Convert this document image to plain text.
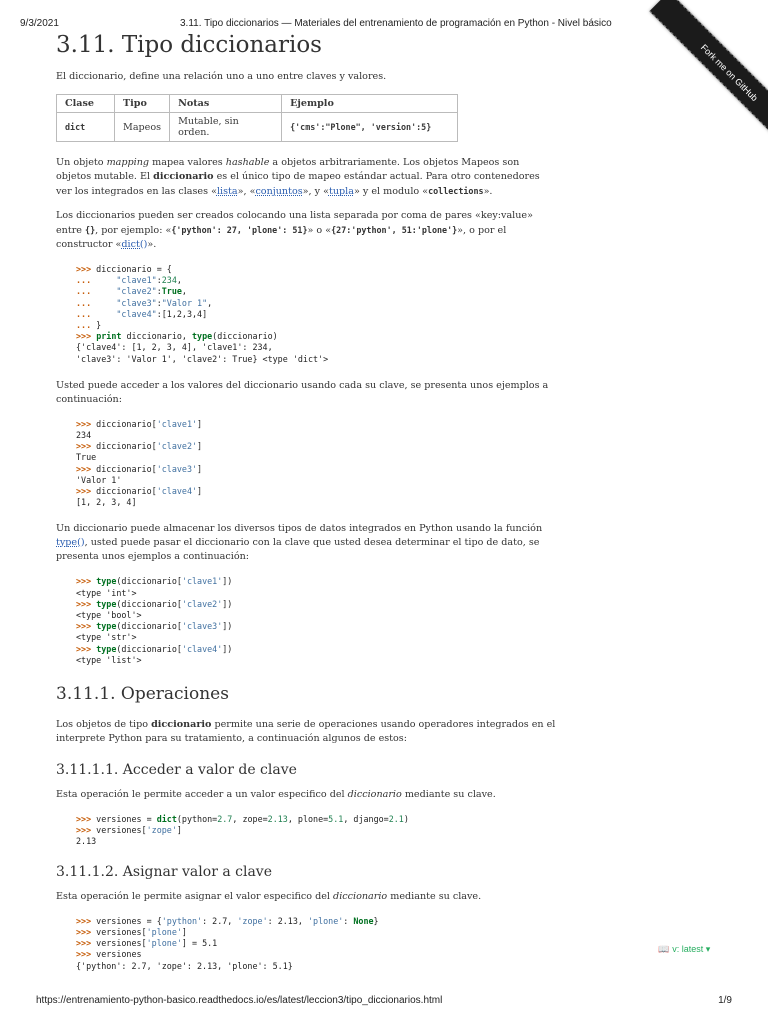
9/3/2021	3.11. Tipo diccionarios — Materiales del entrenamiento de programación en Python - Nivel básico
Fork me on GitHub
3.11. Tipo diccionarios

El diccionario, define una relación uno a uno entre claves y valores.

Clase	Tipo	Notas	Ejemplo
dict	Mapeos	Mutable, sin orden.	{'cms':"Plone", 'version':5}

Un objeto mapping mapea valores hashable a objetos arbitrariamente. Los objetos Mapeos son objetos mutable. El diccionario es el único tipo de mapeo estándar actual. Para otro contenedores ver los integrados en las clases «lista», «conjuntos», y «tupla» y el modulo «collections».

Los diccionarios pueden ser creados colocando una lista separada por coma de pares «key:value» entre {}, por ejemplo: «{'python': 27, 'plone': 51}» o «{27:'python', 51:'plone'}», o por el constructor «dict()».

>>> diccionario = {
...	"clave1":234,
...	"clave2":True,
...	"clave3":"Valor 1",
...	"clave4":[1,2,3,4]
... }
>>> print diccionario, type(diccionario)
{'clave4': [1, 2, 3, 4], 'clave1': 234,
'clave3': 'Valor 1', 'clave2': True} <type 'dict'>

Usted puede acceder a los valores del diccionario usando cada su clave, se presenta unos ejemplos a continuación:

>>> diccionario['clave1']
234
>>> diccionario['clave2']
True
>>> diccionario['clave3']
'Valor 1'
>>> diccionario['clave4']
[1, 2, 3, 4]

Un diccionario puede almacenar los diversos tipos de datos integrados en Python usando la función type(), usted puede pasar el diccionario con la clave que usted desea determinar el tipo de dato, se presenta unos ejemplos a continuación:

>>> type(diccionario['clave1'])
<type 'int'>
>>> type(diccionario['clave2'])
<type 'bool'>
>>> type(diccionario['clave3'])
<type 'str'>
>>> type(diccionario['clave4'])
<type 'list'>
3.11.1. Operaciones

Los objetos de tipo diccionario permite una serie de operaciones usando operadores integrados en el interprete Python para su tratamiento, a continuación algunos de estos:

3.11.1.1. Acceder a valor de clave

Esta operación le permite acceder a un valor especifico del diccionario mediante su clave.

>>> versiones = dict(python=2.7, zope=2.13, plone=5.1, django=2.1)
>>> versiones['zope']
2.13
3.11.1.2. Asignar valor a clave

Esta operación le permite asignar el valor especifico del diccionario mediante su clave.

>>> versiones = {'python': 2.7, 'zope': 2.13, 'plone': None}
>>> versiones['plone']
>>> versiones['plone'] = 5.1
>>> versiones
{'python': 2.7, 'zope': 2.13, 'plone': 5.1}
📖 v: latest ▾
https://entrenamiento-python-basico.readthedocs.io/es/latest/leccion3/tipo_diccionarios.html	1/9
